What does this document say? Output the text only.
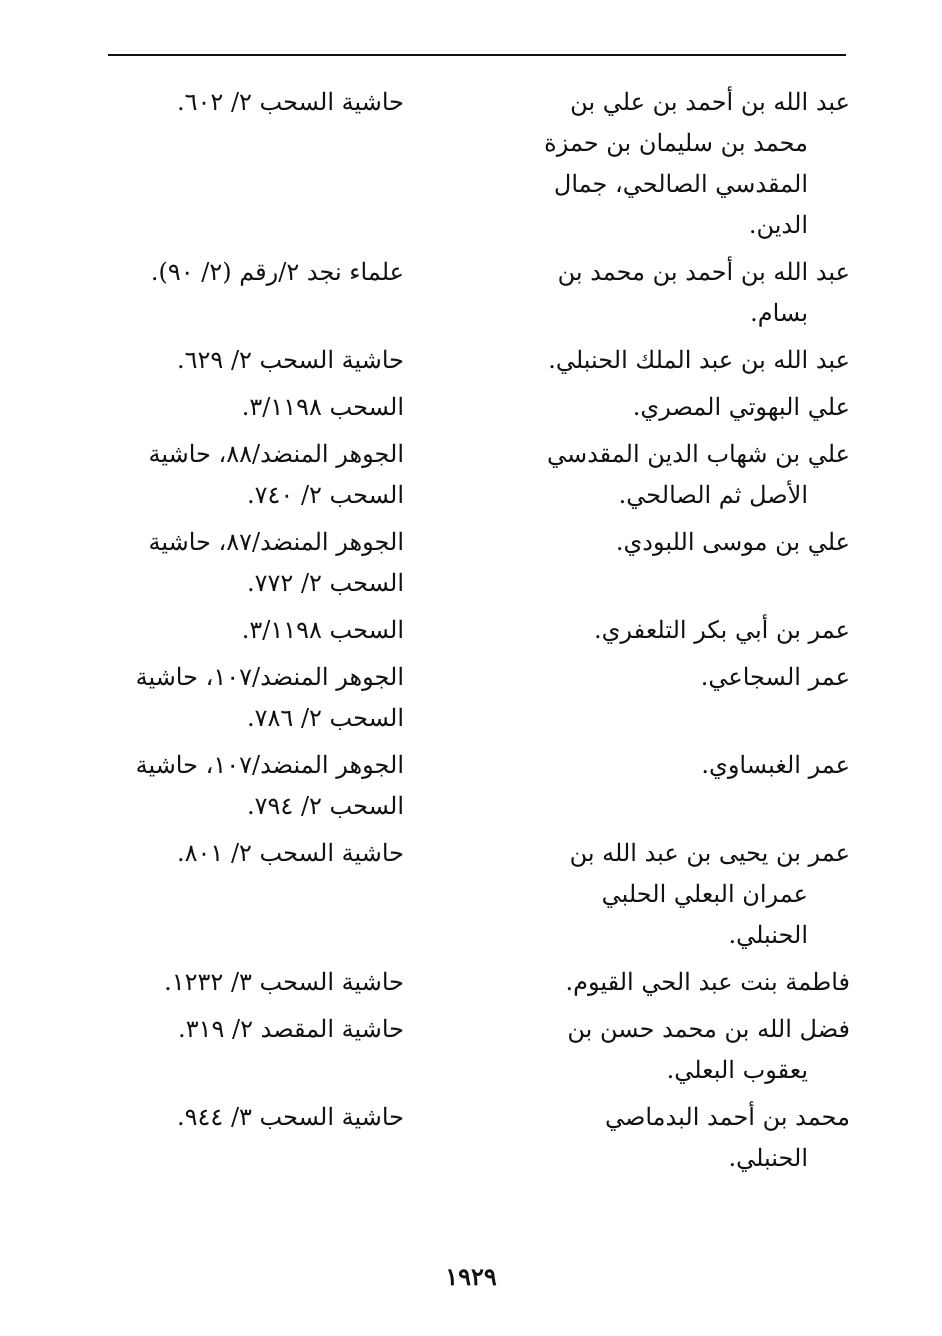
عبد الله بن أحمد بن علي بن
محمد بن سليمان بن حمزة
المقدسي الصالحي، جمال
الدين.
حاشية السحب ٢/ ٦٠٢.
عبد الله بن أحمد بن محمد بن
بسام.
علماء نجد ٢/رقم (٢/ ٩٠).
عبد الله بن عبد الملك الحنبلي.
حاشية السحب ٢/ ٦٢٩.
علي البهوتي المصري.
السحب ٣/١١٩٨.
علي بن شهاب الدين المقدسي
الأصل ثم الصالحي.
الجوهر المنضد/٨٨، حاشية
السحب ٢/ ٧٤٠.
علي بن موسى اللبودي.
الجوهر المنضد/٨٧، حاشية
السحب ٢/ ٧٧٢.
عمر بن أبي بكر التلعفري.
السحب ٣/١١٩٨.
عمر السجاعي.
الجوهر المنضد/١٠٧، حاشية
السحب ٢/ ٧٨٦.
عمر الغبساوي.
الجوهر المنضد/١٠٧، حاشية
السحب ٢/ ٧٩٤.
عمر بن يحيى بن عبد الله بن
عمران البعلي الحلبي
الحنبلي.
حاشية السحب ٢/ ٨٠١.
فاطمة بنت عبد الحي القيوم.
حاشية السحب ٣/ ١٢٣٢.
فضل الله بن محمد حسن بن
يعقوب البعلي.
حاشية المقصد ٢/ ٣١٩.
محمد بن أحمد البدماصي
الحنبلي.
حاشية السحب ٣/ ٩٤٤.
١٩٢٩
